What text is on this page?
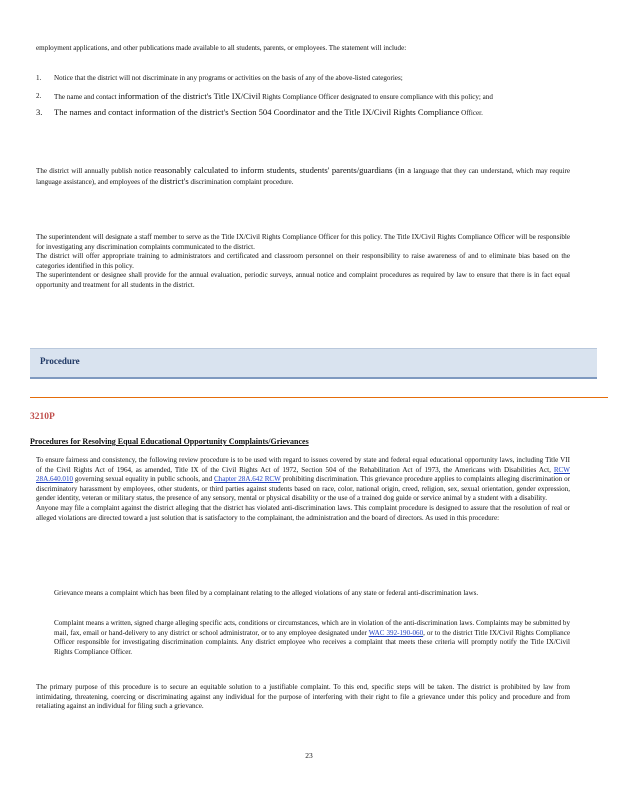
employment applications, and other publications made available to all students, parents, or employees. The statement will include:

1.	Notice that the district will not discriminate in any programs or activities on the basis of any of the above-listed categories;
2.	The name and contact information of the district's Title IX/Civil Rights Compliance Officer designated to ensure compliance with this policy; and
3.	The names and contact information of the district's Section 504 Coordinator and the Title IX/Civil Rights Compliance Officer.

The district will annually publish notice reasonably calculated to inform students, students' parents/guardians (in a language that they can understand, which may require language assistance), and employees of the district's discrimination complaint procedure.

The superintendent will designate a staff member to serve as the Title IX/Civil Rights Compliance Officer for this policy. The Title IX/Civil Rights Compliance Officer will be responsible for investigating any discrimination complaints communicated to the district.

The district will offer appropriate training to administrators and certificated and classroom personnel on their responsibility to raise awareness of and to eliminate bias based on the categories identified in this policy.

The superintendent or designee shall provide for the annual evaluation, periodic surveys, annual notice and complaint procedures as required by law to ensure that there is in fact equal opportunity and treatment for all students in the district.

Procedure
3210P
Procedures for Resolving Equal Educational Opportunity Complaints/Grievances

To ensure fairness and consistency, the following review procedure is to be used with regard to issues covered by state and federal equal educational opportunity laws, including Title VII of the Civil Rights Act of 1964, as amended, Title IX of the Civil Rights Act of 1972, Section 504 of the Rehabilitation Act of 1973, the Americans with Disabilities Act, RCW 28A.640.010 governing sexual equality in public schools, and Chapter 28A.642 RCW prohibiting discrimination. This grievance procedure applies to complaints alleging discrimination or discriminatory harassment by employees, other students, or third parties against students based on race, color, national origin, creed, religion, sex, sexual orientation, gender expression, gender identity, veteran or military status, the presence of any sensory, mental or physical disability or the use of a trained dog guide or service animal by a student with a disability.

Anyone may file a complaint against the district alleging that the district has violated anti-discrimination laws. This complaint procedure is designed to assure that the resolution of real or alleged violations are directed toward a just solution that is satisfactory to the complainant, the administration and the board of directors. As used in this procedure:

Grievance means a complaint which has been filed by a complainant relating to the alleged violations of any state or federal anti-discrimination laws.
Complaint means a written, signed charge alleging specific acts, conditions or circumstances, which are in violation of the anti-discrimination laws. Complaints may be submitted by mail, fax, email or hand-delivery to any district or school administrator, or to any employee designated under WAC 392-190-060, or to the district Title IX/Civil Rights Compliance Officer responsible for investigating discrimination complaints. Any district employee who receives a complaint that meets these criteria will promptly notify the Title IX/Civil Rights Compliance Officer.

The primary purpose of this procedure is to secure an equitable solution to a justifiable complaint. To this end, specific steps will be taken. The district is prohibited by law from intimidating, threatening, coercing or discriminating against any individual for the purpose of interfering with their right to file a grievance under this policy and procedure and from retaliating against an individual for filing such a grievance.

23
